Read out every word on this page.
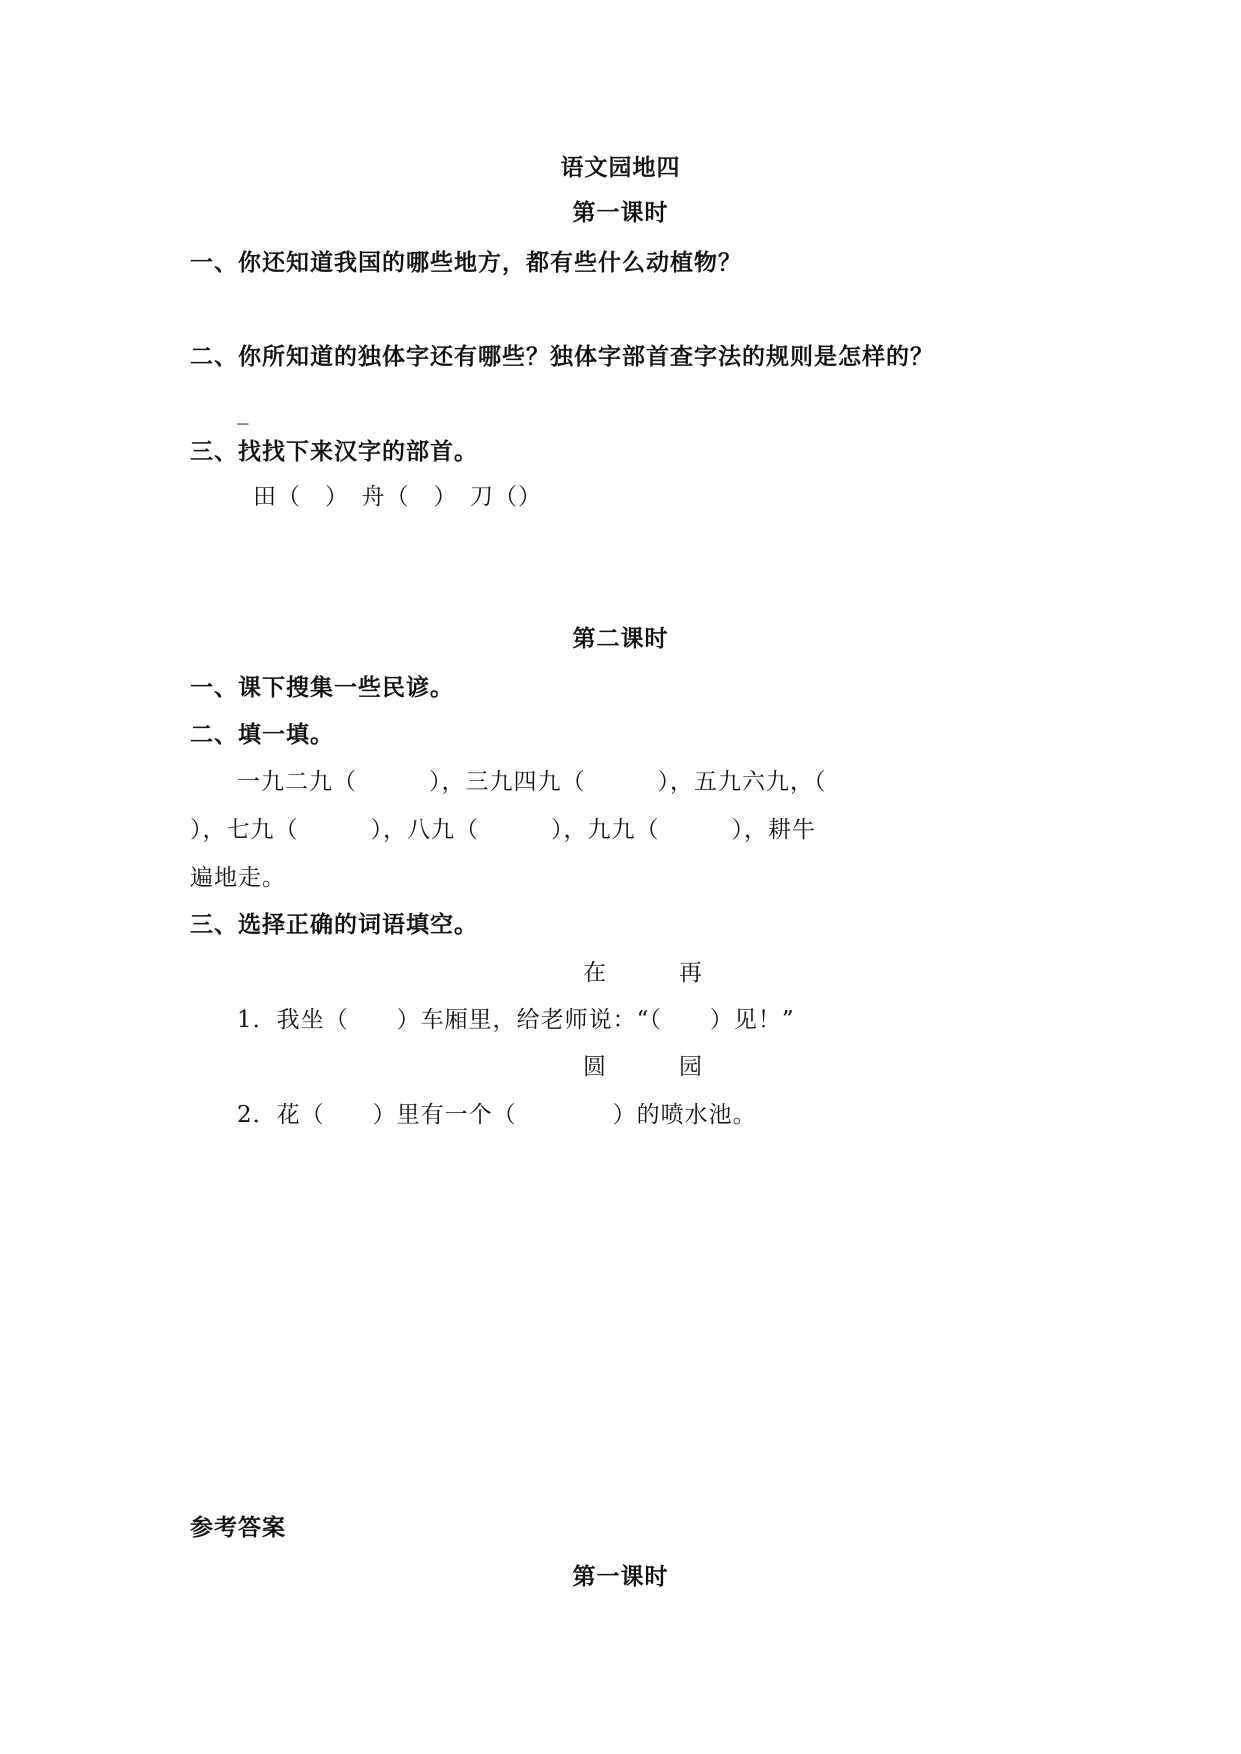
语文园地四
第一课时
一、你还知道我国的哪些地方，都有些什么动植物？
二、你所知道的独体字还有哪些？独体字部首查字法的规则是怎样的？
_
三、找找下来汉字的部首。
田（　）　舟（　）　刀（）
第二课时
一、课下搜集一些民谚。
二、填一填。
一九二九（　　　），三九四九（　　　），五九六九，（
），七九（　　　），八九（　　　），九九（　　　），耕牛
遍地走。
三、选择正确的词语填空。
在　　　再
1．我坐（　　）车厢里，给老师说：“（　　）见！”
圆　　　园
2．花（　　）里有一个（　　　　）的喷水池。
参考答案
第一课时
